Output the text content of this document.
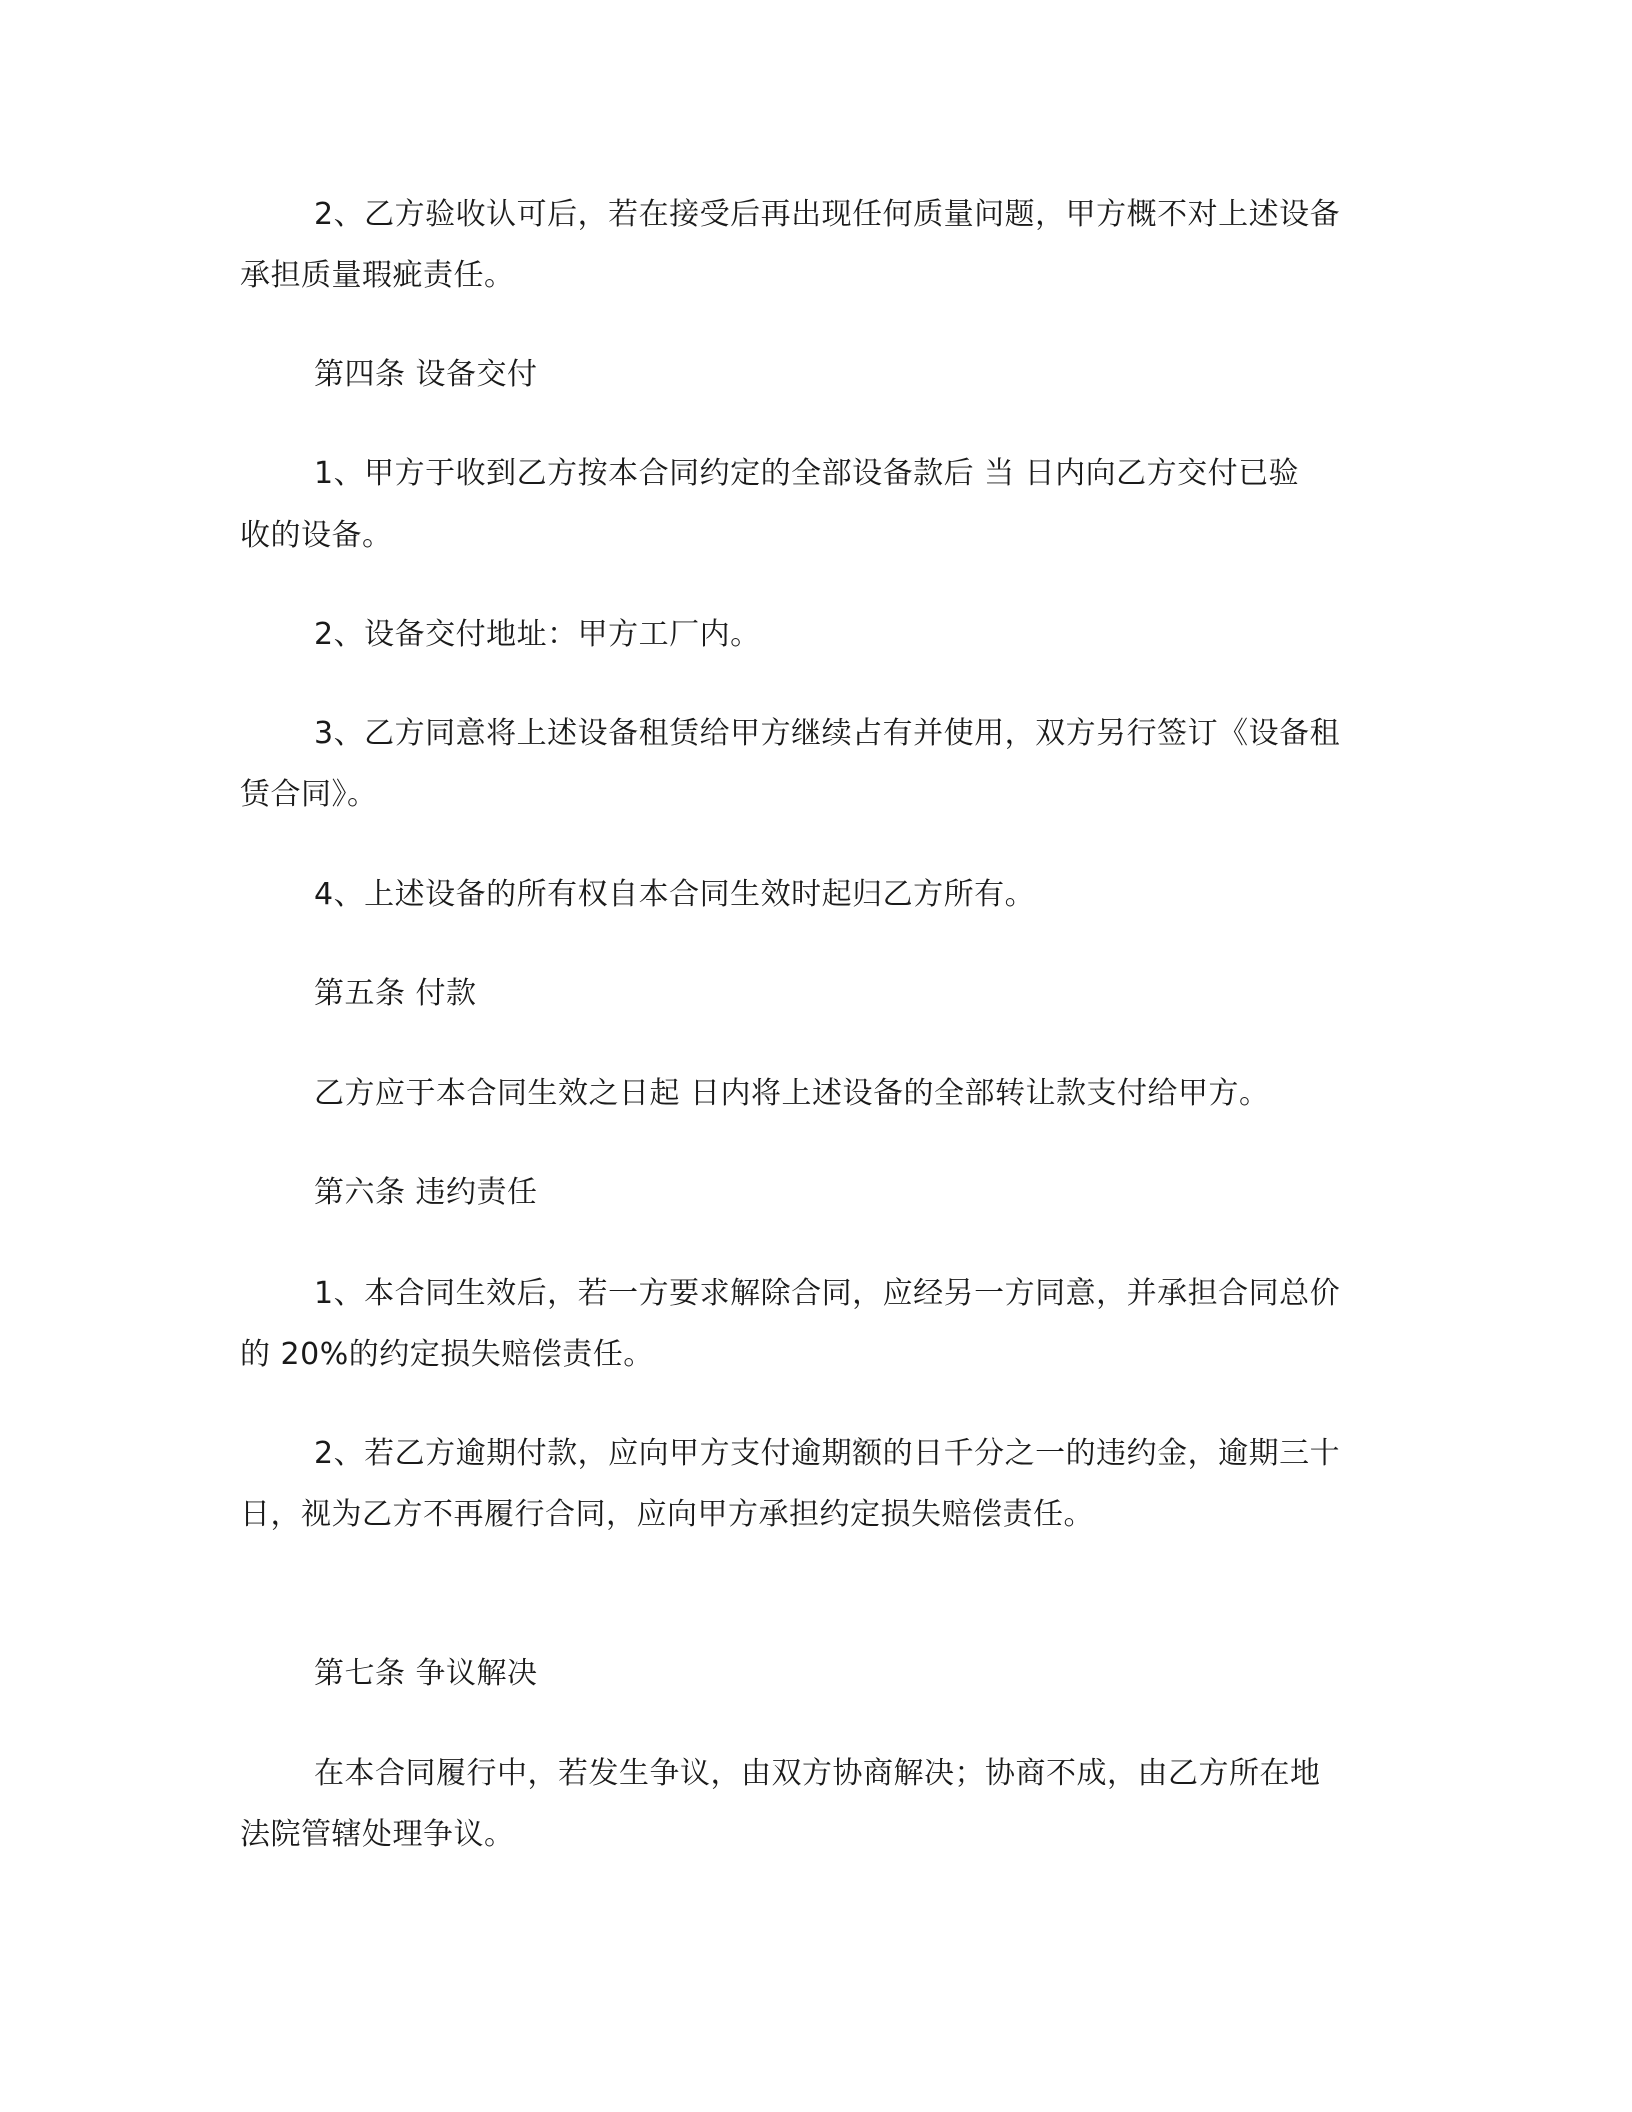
2、乙方验收认可后，若在接受后再出现任何质量问题，甲方概不对上述设备

承担质量瑕疵责任。

第四条 设备交付

1、甲方于收到乙方按本合同约定的全部设备款后 当 日内向乙方交付已验

收的设备。

2、设备交付地址：甲方工厂内。

3、乙方同意将上述设备租赁给甲方继续占有并使用，双方另行签订《设备租

赁合同》。

4、上述设备的所有权自本合同生效时起归乙方所有。

第五条 付款

乙方应于本合同生效之日起 日内将上述设备的全部转让款支付给甲方。

第六条 违约责任

1、本合同生效后，若一方要求解除合同，应经另一方同意，并承担合同总价

的 20%的约定损失赔偿责任。

2、若乙方逾期付款，应向甲方支付逾期额的日千分之一的违约金，逾期三十

日，视为乙方不再履行合同，应向甲方承担约定损失赔偿责任。

第七条 争议解决

在本合同履行中，若发生争议，由双方协商解决；协商不成，由乙方所在地

法院管辖处理争议。
